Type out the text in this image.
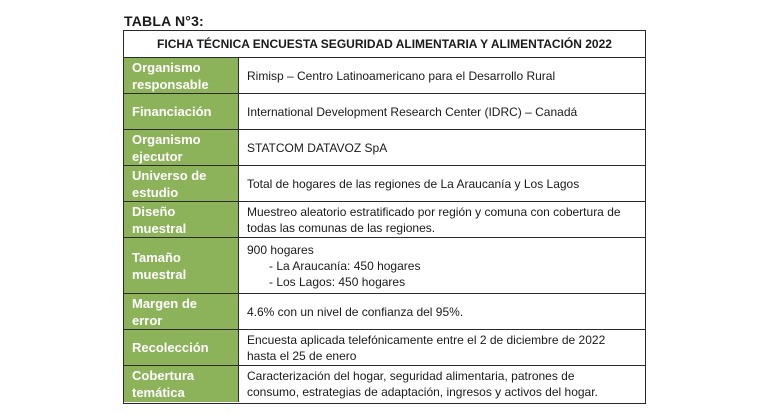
TABLA N°3:
FICHA TÉCNICA ENCUESTA SEGURIDAD ALIMENTARIA Y ALIMENTACIÓN 2022
Organismo responsable
Rimisp – Centro Latinoamericano para el Desarrollo Rural
Financiación	International Development Research Center (IDRC) – Canadá
Organismo ejecutor
STATCOM DATAVOZ SpA
Universo de estudio
Total de hogares de las regiones de La Araucanía y Los Lagos
Diseño muestral
Muestreo aleatorio estratificado por región y comuna con cobertura de
todas las comunas de las regiones.
Tamaño muestral
900 hogares
- La Araucanía: 450 hogares
- Los Lagos: 450 hogares
Margen de error
4.6% con un nivel de confianza del 95%.
Recolección
Encuesta aplicada telefónicamente entre el 2 de diciembre de 2022
hasta el 25 de enero
Cobertura temática
Caracterización del hogar, seguridad alimentaria, patrones de
consumo, estrategias de adaptación, ingresos y activos del hogar.
